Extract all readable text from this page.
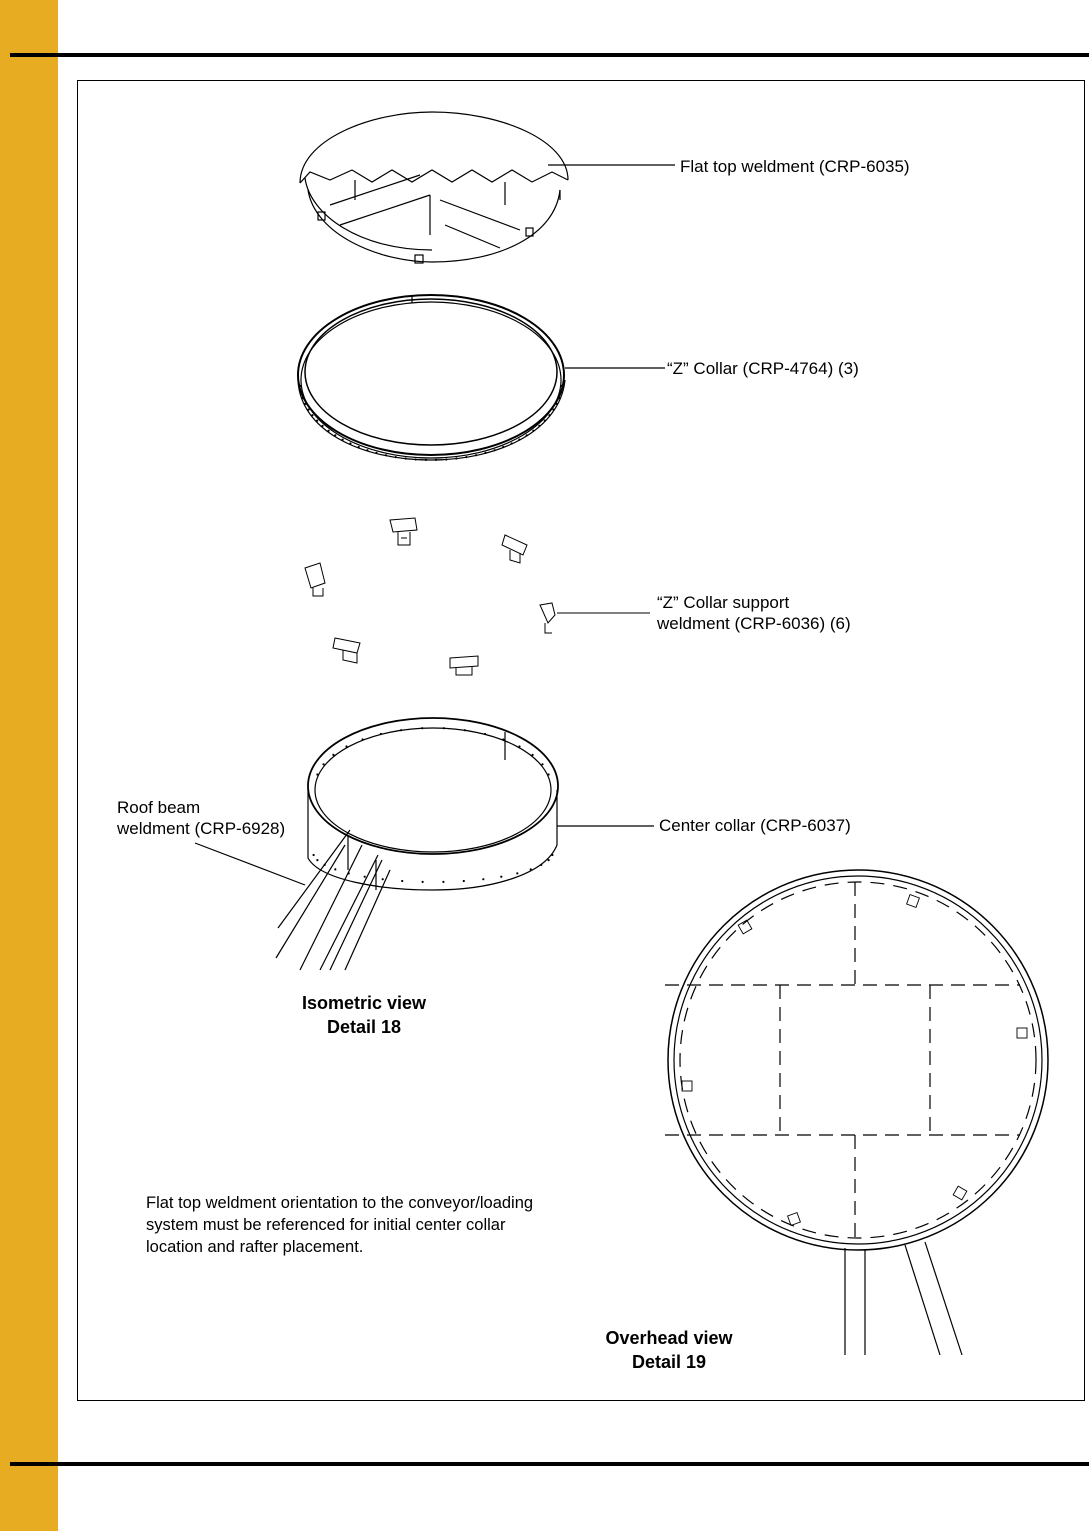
Flat top weldment (CRP-6035)
“Z” Collar (CRP-4764) (3)
“Z” Collar support
weldment (CRP-6036) (6)
Roof beam
weldment (CRP-6928)	Center collar (CRP-6037)
Isometric view
Detail 18
Flat top weldment orientation to the conveyor/loading
system must be referenced for initial center collar
location and rafter placement.
Overhead view
Detail 19
